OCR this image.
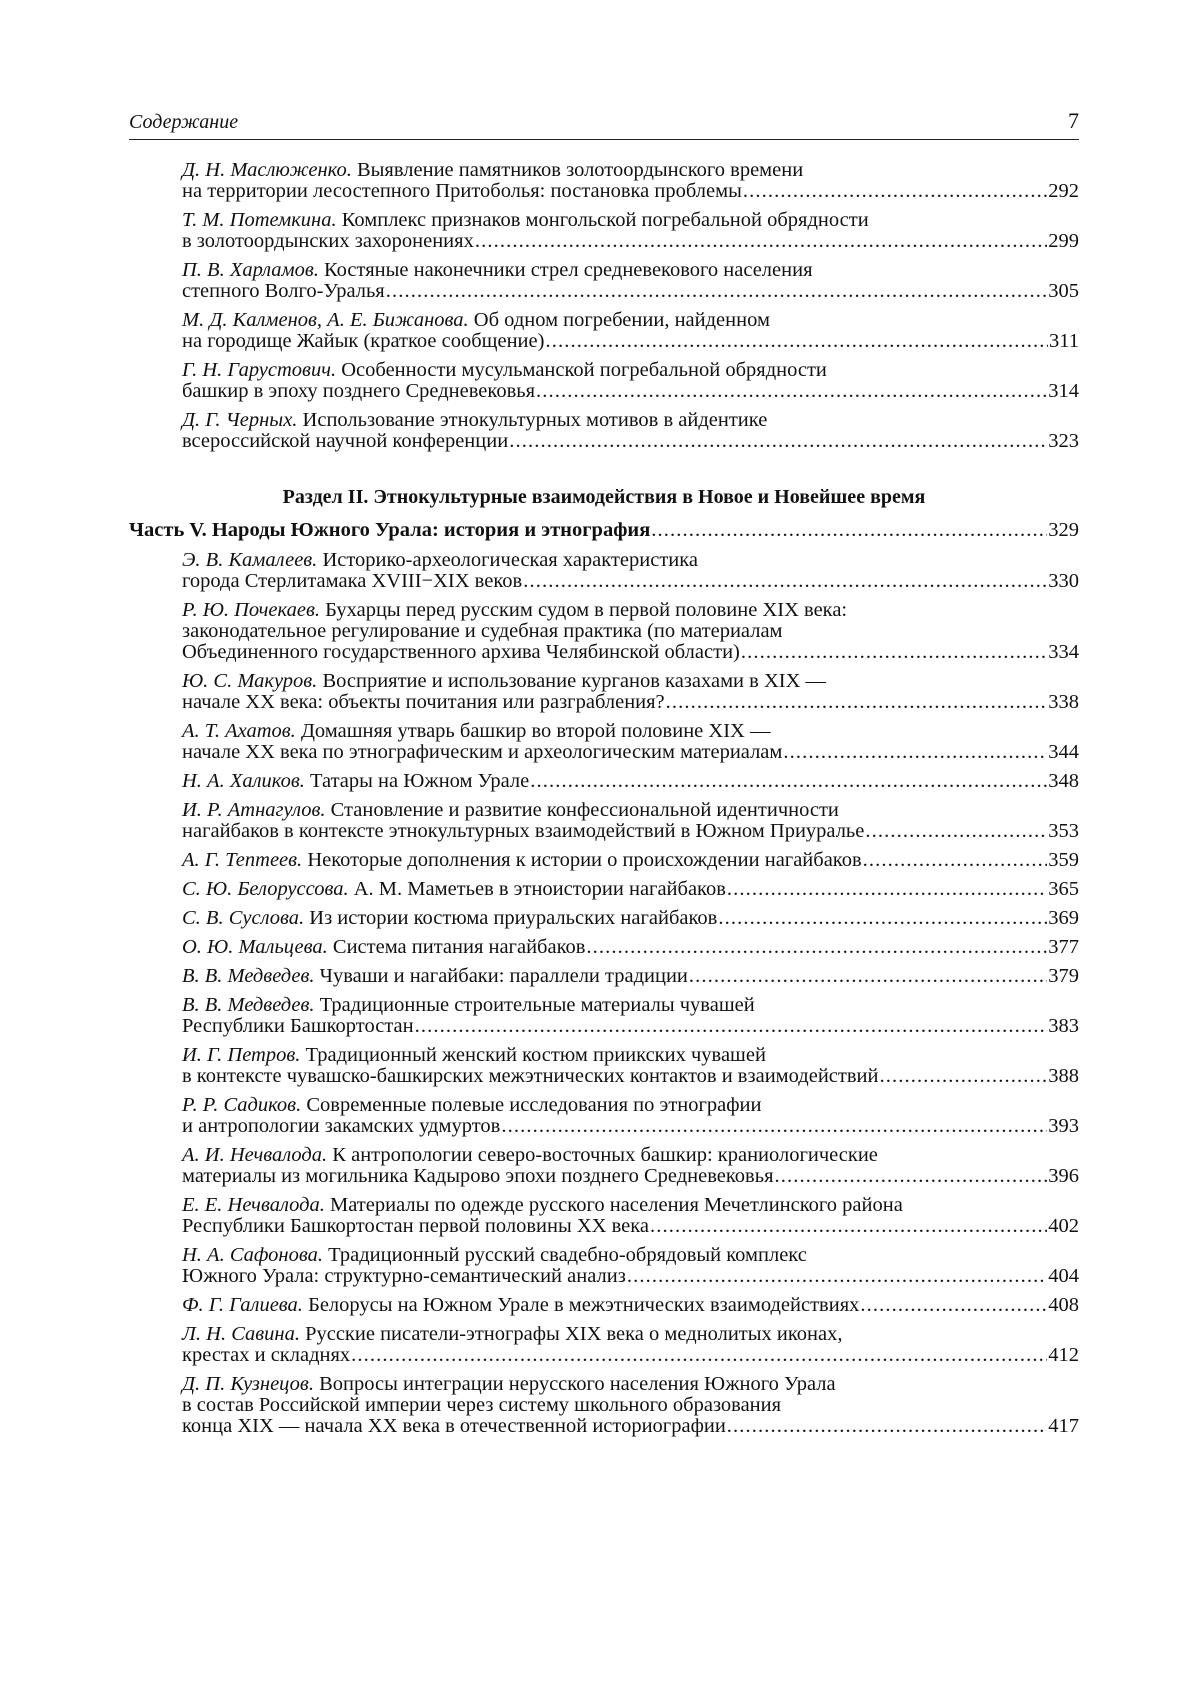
Содержание	7
Д. Н. Маслюженко. Выявление памятников золотоордынского времени
на территории лесостепного Притоболья: постановка проблемы . . .	292
Т. М. Потемкина. Комплекс признаков монгольской погребальной обрядности
в золотоордынских захоронениях . . .	299
П. В. Харламов. Костяные наконечники стрел средневекового населения
степного Волго-Уралья . . .	305
М. Д. Калменов, А. Е. Бижанова. Об одном погребении, найденном
на городище Жайык (краткое сообщение) . . .	311
Г. Н. Гарустович. Особенности мусульманской погребальной обрядности
башкир в эпоху позднего Средневековья . . .	314
Д. Г. Черных. Использование этнокультурных мотивов в айдентике
всероссийской научной конференции . . .	323
Раздел II. Этнокультурные взаимодействия в Новое и Новейшее время
Часть V. Народы Южного Урала: история и этнография . . .	329
Э. В. Камалеев. Историко-археологическая характеристика
города Стерлитамака XVIII−XIX веков . . .	330
Р. Ю. Почекаев. Бухарцы перед русским судом в первой половине XIX века:
законодательное регулирование и судебная практика (по материалам
Объединенного государственного архива Челябинской области) . . .	334
Ю. С. Макуров. Восприятие и использование курганов казахами в XIX —
начале XX века: объекты почитания или разграбления? . . .	338
А. Т. Ахатов. Домашняя утварь башкир во второй половине XIX —
начале XX века по этнографическим и археологическим материалам . . .	344
Н. А. Халиков. Татары на Южном Урале . . .	348
И. Р. Атнагулов. Становление и развитие конфессиональной идентичности
нагайбаков в контексте этнокультурных взаимодействий в Южном Приуралье . . .	353
А. Г. Тептеев. Некоторые дополнения к истории о происхождении нагайбаков . . .	359
С. Ю. Белоруссова. А. М. Маметьев в этноистории нагайбаков . . .	365
С. В. Суслова. Из истории костюма приуральских нагайбаков . . .	369
О. Ю. Мальцева. Система питания нагайбаков . . .	377
В. В. Медведев. Чуваши и нагайбаки: параллели традиции . . .	379
В. В. Медведев. Традиционные строительные материалы чувашей
Республики Башкортостан . . .	383
И. Г. Петров. Традиционный женский костюм приикских чувашей
в контексте чувашско-башкирских межэтнических контактов и взаимодействий . . .	388
Р. Р. Садиков. Современные полевые исследования по этнографии
и антропологии закамских удмуртов . . .	393
А. И. Нечвалода. К антропологии северо-восточных башкир: краниологические
материалы из могильника Кадырово эпохи позднего Средневековья . . .	396
Е. Е. Нечвалода. Материалы по одежде русского населения Мечетлинского района
Республики Башкортостан первой половины XX века . . .	402
Н. А. Сафонова. Традиционный русский свадебно-обрядовый комплекс
Южного Урала: структурно-семантический анализ . . .	404
Ф. Г. Галиева. Белорусы на Южном Урале в межэтнических взаимодействиях . . .	408
Л. Н. Савина. Русские писатели-этнографы XIX века о меднолитых иконах,
крестах и складнях . . .	412
Д. П. Кузнецов. Вопросы интеграции нерусского населения Южного Урала
в состав Российской империи через систему школьного образования
конца XIX — начала XX века в отечественной историографии . . .	417
